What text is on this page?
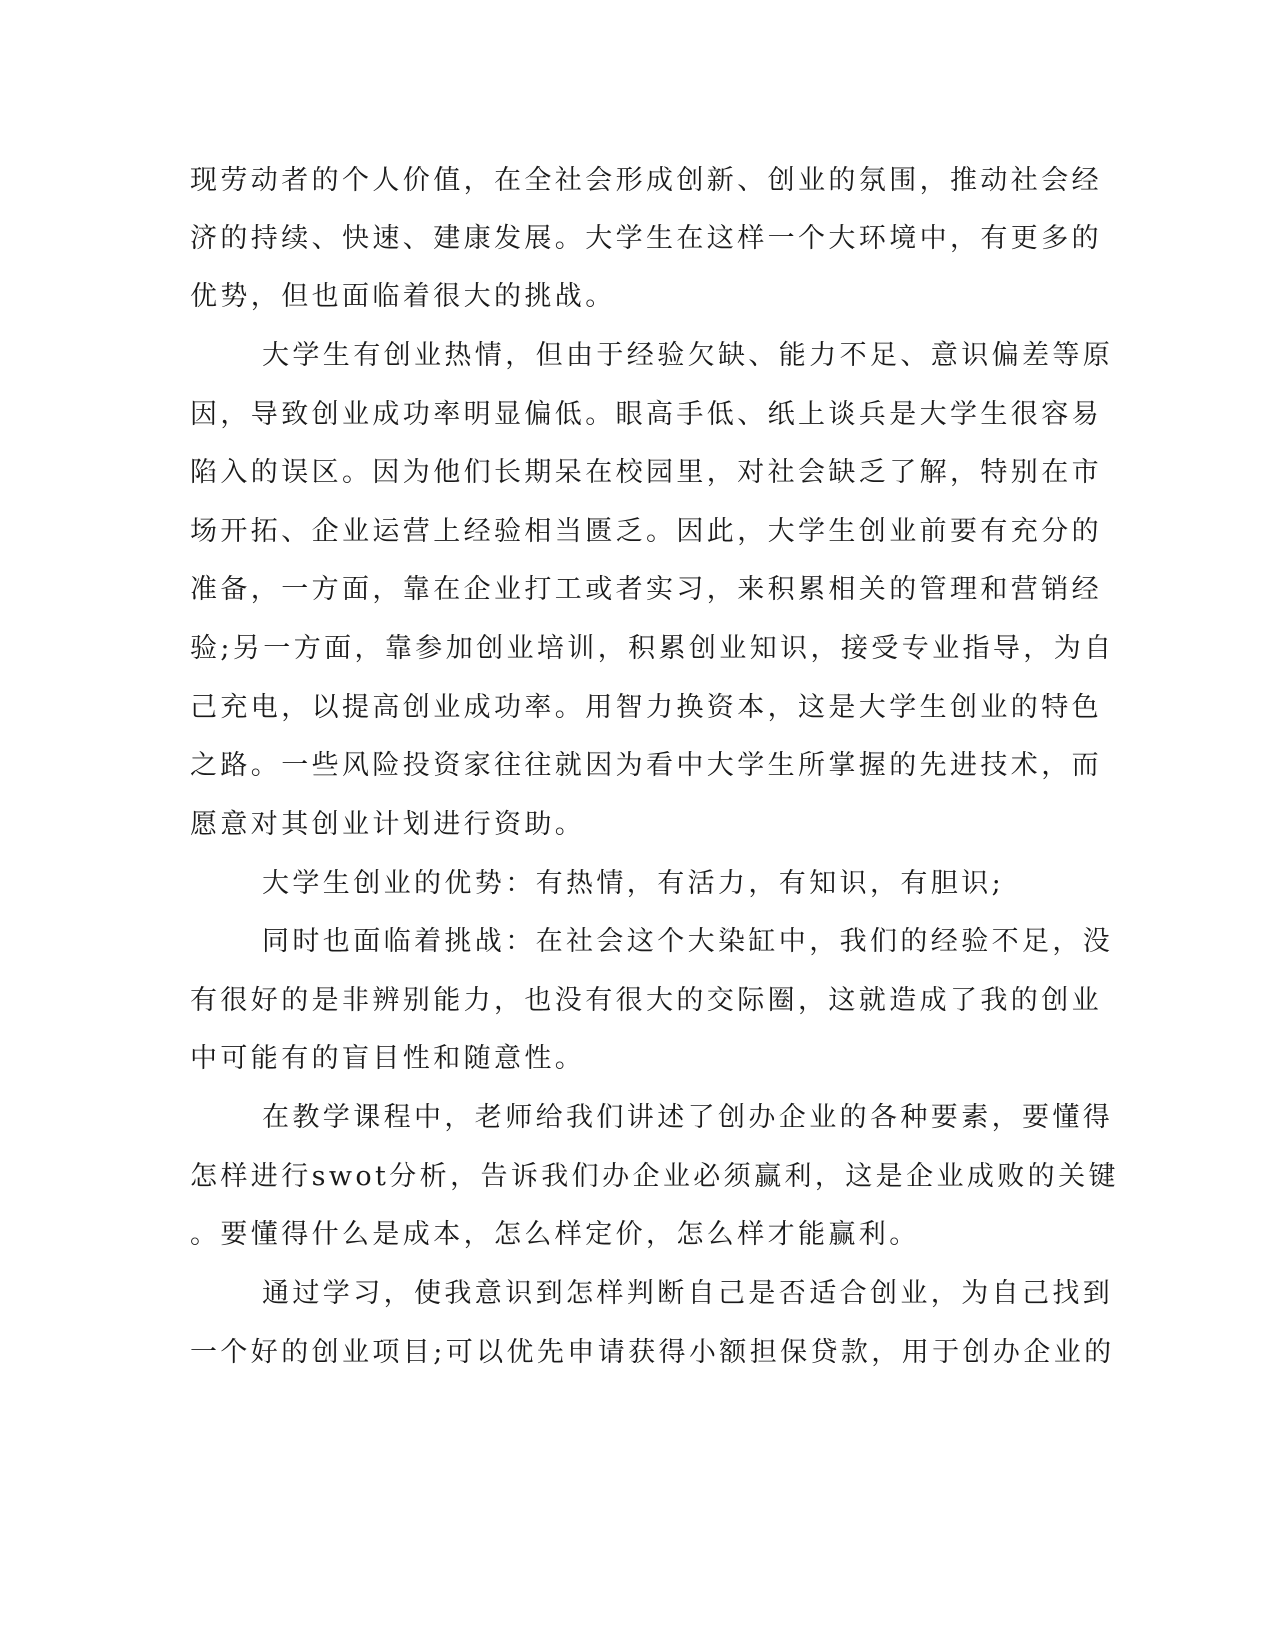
现劳动者的个人价值，在全社会形成创新、创业的氛围，推动社会经
济的持续、快速、建康发展。大学生在这样一个大环境中，有更多的
优势，但也面临着很大的挑战。
大学生有创业热情，但由于经验欠缺、能力不足、意识偏差等原
因，导致创业成功率明显偏低。眼高手低、纸上谈兵是大学生很容易
陷入的误区。因为他们长期呆在校园里，对社会缺乏了解，特别在市
场开拓、企业运营上经验相当匮乏。因此，大学生创业前要有充分的
准备，一方面，靠在企业打工或者实习，来积累相关的管理和营销经
验;另一方面，靠参加创业培训，积累创业知识，接受专业指导，为自
己充电，以提高创业成功率。用智力换资本，这是大学生创业的特色
之路。一些风险投资家往往就因为看中大学生所掌握的先进技术，而
愿意对其创业计划进行资助。
大学生创业的优势：有热情，有活力，有知识，有胆识;
同时也面临着挑战：在社会这个大染缸中，我们的经验不足，没
有很好的是非辨别能力，也没有很大的交际圈，这就造成了我的创业
中可能有的盲目性和随意性。
在教学课程中，老师给我们讲述了创办企业的各种要素，要懂得
怎样进行swot分析，告诉我们办企业必须赢利，这是企业成败的关键
。要懂得什么是成本，怎么样定价，怎么样才能赢利。
通过学习，使我意识到怎样判断自己是否适合创业，为自己找到
一个好的创业项目;可以优先申请获得小额担保贷款，用于创办企业的
